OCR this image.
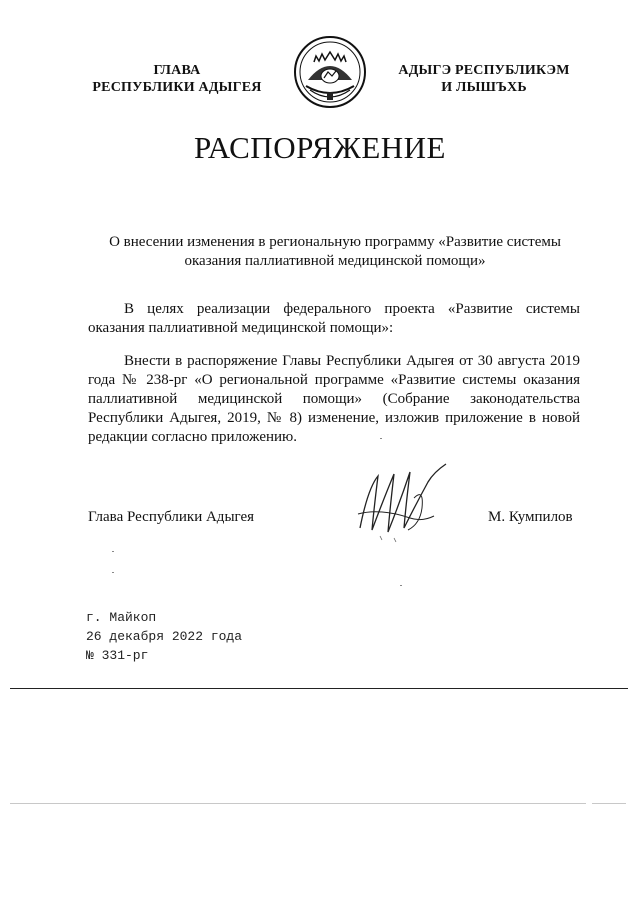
ГЛАВА
РЕСПУБЛИКИ АДЫГЕЯ
АДЫГЭ РЕСПУБЛИКЭМ
И ЛЫШЪХЬ
РАСПОРЯЖЕНИЕ
О внесении изменения в региональную программу «Развитие системы
оказания паллиативной медицинской помощи»
В целях реализации федерального проекта «Развитие системы оказания паллиативной медицинской помощи»:
Внести в распоряжение Главы Республики Адыгея от 30 августа 2019 года № 238-рг «О региональной программе «Развитие системы оказания паллиативной медицинской помощи» (Собрание законодательства Республики Адыгея, 2019, № 8) изменение, изложив приложение в новой редакции согласно приложению.
Глава Республики Адыгея	М. Кумпилов
г. Майкоп
26 декабря 2022 года
№ 331-рг
